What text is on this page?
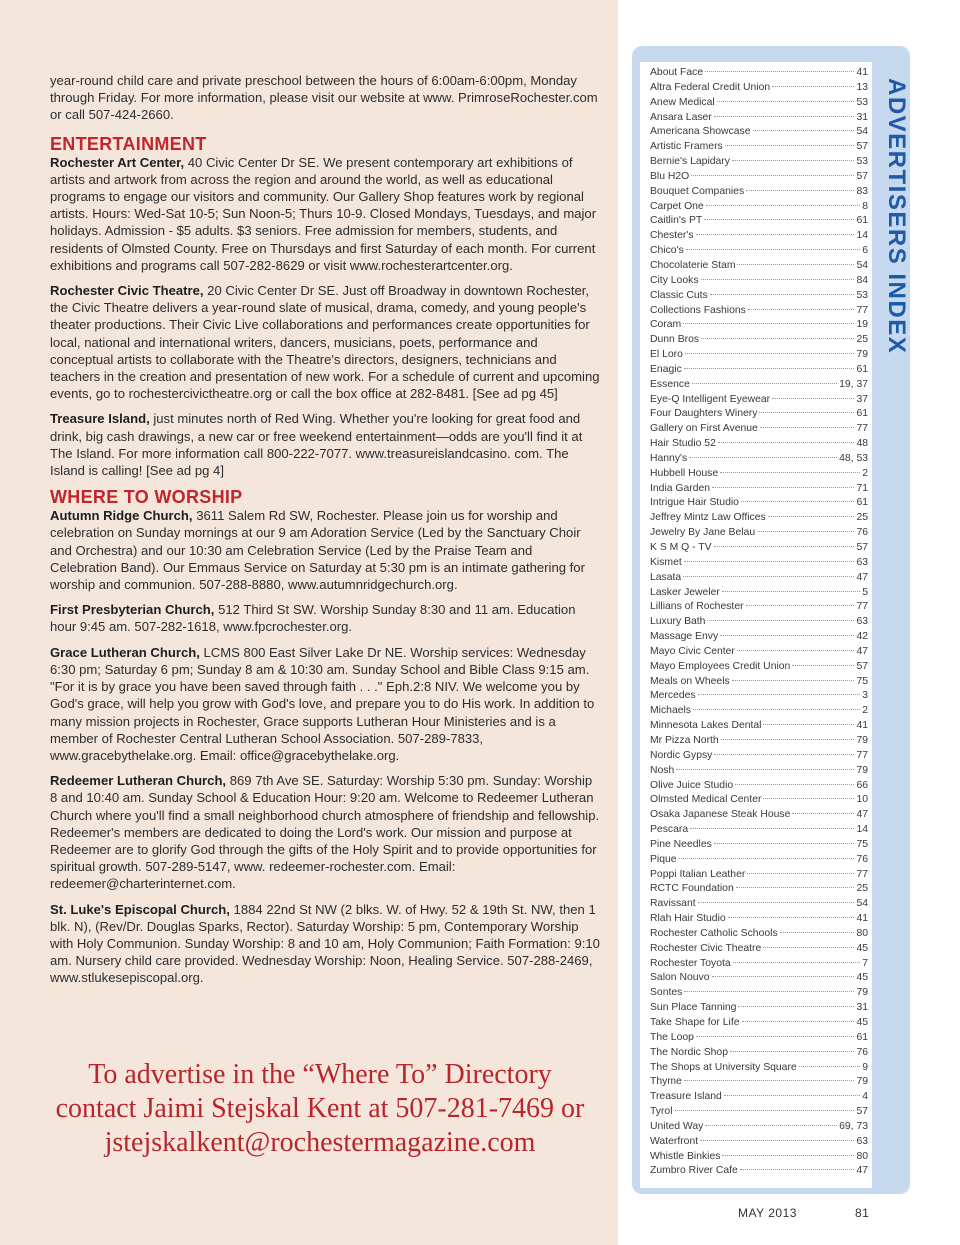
year-round child care and private preschool between the hours of 6:00am-6:00pm, Monday through Friday. For more information, please visit our website at www. PrimroseRochester.com or call 507-424-2660.

ENTERTAINMENT

Rochester Art Center, 40 Civic Center Dr SE. We present contemporary art exhibitions of artists and artwork from across the region and around the world, as well as educational programs to engage our visitors and community. Our Gallery Shop features work by regional artists. Hours: Wed-Sat 10-5; Sun Noon-5; Thurs 10-9. Closed Mondays, Tuesdays, and major holidays. Admission - $5 adults. $3 seniors. Free admission for members, students, and residents of Olmsted County. Free on Thursdays and first Saturday of each month. For current exhibitions and programs call 507-282-8629 or visit www.rochesterartcenter.org.

Rochester Civic Theatre, 20 Civic Center Dr SE. Just off Broadway in downtown Rochester, the Civic Theatre delivers a year-round slate of musical, drama, comedy, and young people's theater productions. Their Civic Live collaborations and performances create opportunities for local, national and international writers, dancers, musicians, poets, performance and conceptual artists to collaborate with the Theatre's directors, designers, technicians and teachers in the creation and presentation of new work. For a schedule of current and upcoming events, go to rochestercivictheatre.org or call the box office at 282-8481. [See ad pg 45]

Treasure Island, just minutes north of Red Wing. Whether you're looking for great food and drink, big cash drawings, a new car or free weekend entertainment—odds are you'll find it at The Island. For more information call 800-222-7077. www.treasureislandcasino. com. The Island is calling! [See ad pg 4]

WHERE TO WORSHIP

Autumn Ridge Church, 3611 Salem Rd SW, Rochester. Please join us for worship and celebration on Sunday mornings at our 9 am Adoration Service (Led by the Sanctuary Choir and Orchestra) and our 10:30 am Celebration Service (Led by the Praise Team and Celebration Band). Our Emmaus Service on Saturday at 5:30 pm is an intimate gathering for worship and communion. 507-288-8880, www.autumnridgechurch.org.

First Presbyterian Church, 512 Third St SW. Worship Sunday 8:30 and 11 am. Education hour 9:45 am. 507-282-1618, www.fpcrochester.org.

Grace Lutheran Church, LCMS 800 East Silver Lake Dr NE. Worship services: Wednesday 6:30 pm; Saturday 6 pm; Sunday 8 am & 10:30 am. Sunday School and Bible Class 9:15 am. "For it is by grace you have been saved through faith . . ." Eph.2:8 NIV. We welcome you by God's grace, will help you grow with God's love, and prepare you to do His work. In addition to many mission projects in Rochester, Grace supports Lutheran Hour Ministeries and is a member of Rochester Central Lutheran School Association. 507-289-7833, www.gracebythelake.org. Email: office@gracebythelake.org.

Redeemer Lutheran Church, 869 7th Ave SE. Saturday: Worship 5:30 pm. Sunday: Worship 8 and 10:40 am. Sunday School & Education Hour: 9:20 am. Welcome to Redeemer Lutheran Church where you'll find a small neighborhood church atmosphere of friendship and fellowship. Redeemer's members are dedicated to doing the Lord's work. Our mission and purpose at Redeemer are to glorify God through the gifts of the Holy Spirit and to provide opportunities for spiritual growth. 507-289-5147, www. redeemer-rochester.com. Email: redeemer@charterinternet.com.

St. Luke's Episcopal Church, 1884 22nd St NW (2 blks. W. of Hwy. 52 & 19th St. NW, then 1 blk. N), (Rev/Dr. Douglas Sparks, Rector). Saturday Worship: 5 pm, Contemporary Worship with Holy Communion. Sunday Worship: 8 and 10 am, Holy Communion; Faith Formation: 9:10 am. Nursery child care provided. Wednesday Worship: Noon, Healing Service. 507-288-2469, www.stlukesepiscopal.org.

To advertise in the “Where To” Directory
contact Jaimi Stejskal Kent at 507-281-7469 or
jstejskalkent@rochestermagazine.com
About Face	41
Altra Federal Credit Union	13
Anew Medical	53
Ansara Laser	31
Americana Showcase	54
Artistic Framers	57
Bernie's Lapidary	53
Blu H2O	57
Bouquet Companies	83
Carpet One	8
Caitlin's PT	61
Chester's	14
Chico's	6
Chocolaterie Stam	54
City Looks	84
Classic Cuts	53
Collections Fashions	77
Coram	19
Dunn Bros	25
El Loro	79
Enagic	61
Essence	19, 37
Eye-Q Intelligent Eyewear	37
Four Daughters Winery	61
Gallery on First Avenue	77
Hair Studio 52	48
Hanny's	48, 53
Hubbell House	2
India Garden	71
Intrigue Hair Studio	61
Jeffrey Mintz Law Offices	25
Jewelry By Jane Belau	76
K S M Q - TV	57
Kismet	63
Lasata	47
Lasker Jeweler	5
Lillians of Rochester	77
Luxury Bath	63
Massage Envy	42
Mayo Civic Center	47
Mayo Employees Credit Union	57
Meals on Wheels	75
Mercedes	3
Michaels	2
Minnesota Lakes Dental	41
Mr Pizza North	79
Nordic Gypsy	77
Nosh	79
Olive Juice Studio	66
Olmsted Medical Center	10
Osaka Japanese Steak House	47
Pescara	14
Pine Needles	75
Pique	76
Poppi Italian Leather	77
RCTC Foundation	25
Ravissant	54
Rlah Hair Studio	41
Rochester Catholic Schools	80
Rochester Civic Theatre	45
Rochester Toyota	7
Salon Nouvo	45
Sontes	79
Sun Place Tanning	31
Take Shape for Life	45
The Loop	61
The Nordic Shop	76
The Shops at University Square	9
Thyme	79
Treasure Island	4
Tyrol	57
United Way	69, 73
Waterfront	63
Whistle Binkies	80
Zumbro River Cafe	47
ADVERTISERS INDEX
MAY 2013	81
